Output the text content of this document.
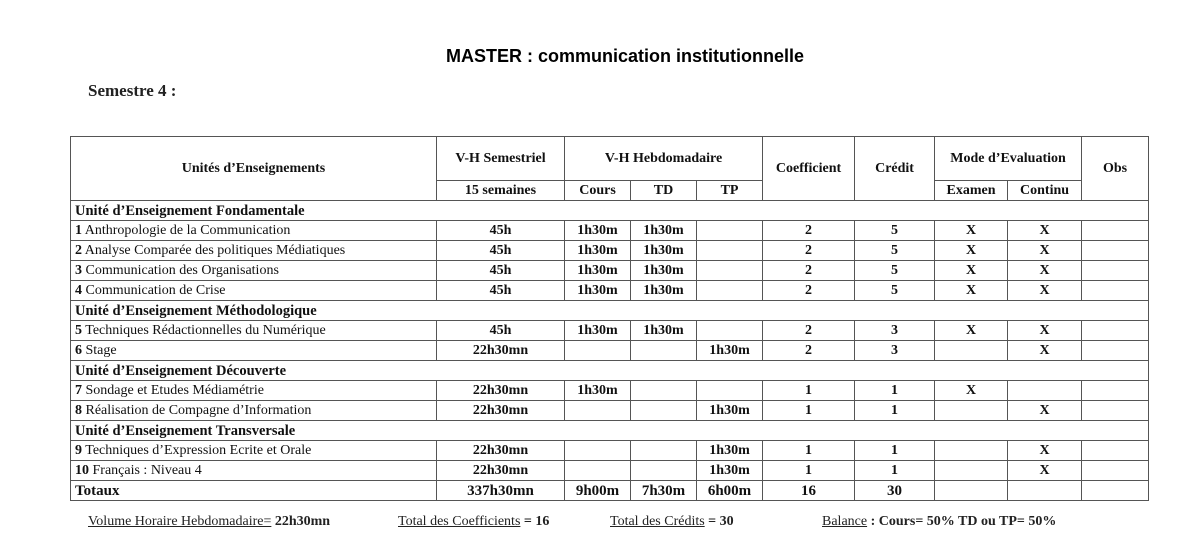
MASTER : communication institutionnelle
Semestre 4 :
Unités d’Enseignements	V-H Semestriel	V-H Hebdomadaire			Coefficient	Crédit	Mode d’Evaluation		Obs
	15 semaines	Cours	TD	TP			Examen	Continu	
Unité d’Enseignement Fondamentale									
1 Anthropologie de la Communication	45h	1h30m	1h30m		2	5	X	X	
2 Analyse Comparée des politiques Médiatiques	45h	1h30m	1h30m		2	5	X	X	
3 Communication des Organisations	45h	1h30m	1h30m		2	5	X	X	
4 Communication de Crise	45h	1h30m	1h30m		2	5	X	X	
Unité d’Enseignement Méthodologique									
5 Techniques Rédactionnelles du Numérique	45h	1h30m	1h30m		2	3	X	X	
6 Stage	22h30mn			1h30m	2	3		X	
Unité d’Enseignement Découverte									
7 Sondage et Etudes Médiamétrie	22h30mn	1h30m			1	1	X		
8 Réalisation de Compagne d’Information	22h30mn			1h30m	1	1		X	
Unité d’Enseignement Transversale									
9 Techniques d’Expression Ecrite et Orale	22h30mn			1h30m	1	1		X	
10 Français : Niveau 4	22h30mn			1h30m	1	1		X	
Totaux	337h30mn	9h00m	7h30m	6h00m	16	30			
Volume Horaire Hebdomadaire= 22h30mn	Total des Coefficients = 16	Total des Crédits = 30	Balance : Cours= 50% TD ou TP= 50%
